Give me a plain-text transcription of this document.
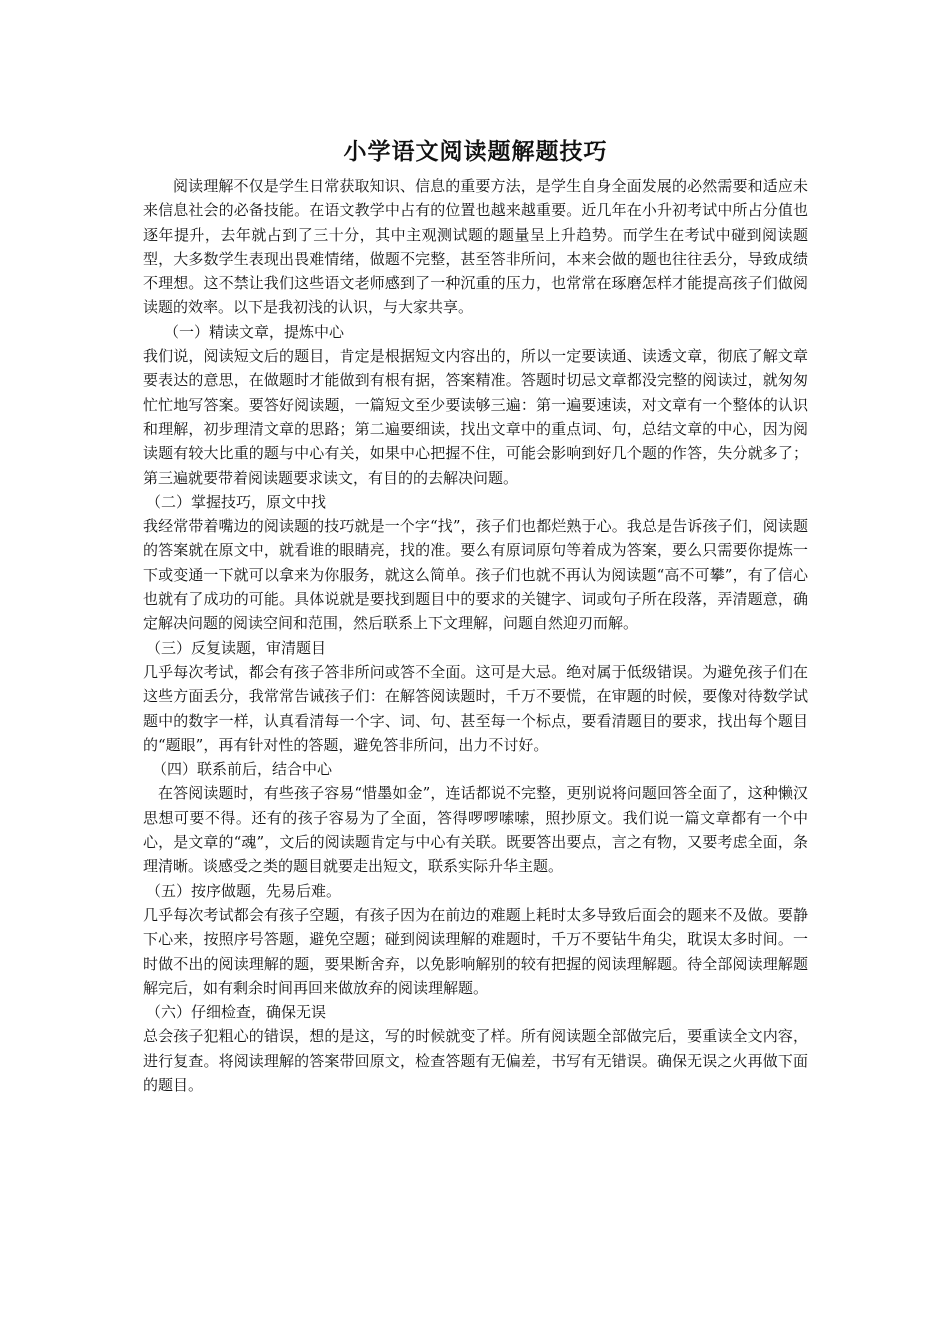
小学语文阅读题解题技巧

阅读理解不仅是学生日常获取知识、信息的重要方法，是学生自身全面发展的必然需要和适应未来信息社会的必备技能。在语文教学中占有的位置也越来越重要。近几年在小升初考试中所占分值也逐年提升，去年就占到了三十分，其中主观测试题的题量呈上升趋势。而学生在考试中碰到阅读题型，大多数学生表现出畏难情绪，做题不完整，甚至答非所问，本来会做的题也往往丢分，导致成绩不理想。这不禁让我们这些语文老师感到了一种沉重的压力，也常常在琢磨怎样才能提高孩子们做阅读题的效率。以下是我初浅的认识，与大家共享。

（一）精读文章，提炼中心

我们说，阅读短文后的题目，肯定是根据短文内容出的，所以一定要读通、读透文章，彻底了解文章要表达的意思，在做题时才能做到有根有据，答案精准。答题时切忌文章都没完整的阅读过，就匆匆忙忙地写答案。要答好阅读题，一篇短文至少要读够三遍：第一遍要速读，对文章有一个整体的认识和理解，初步理清文章的思路；第二遍要细读，找出文章中的重点词、句，总结文章的中心，因为阅读题有较大比重的题与中心有关，如果中心把握不住，可能会影响到好几个题的作答，失分就多了；第三遍就要带着阅读题要求读文，有目的的去解决问题。

（二）掌握技巧，原文中找

我经常带着嘴边的阅读题的技巧就是一个字“找”，孩子们也都烂熟于心。我总是告诉孩子们，阅读题的答案就在原文中，就看谁的眼睛亮，找的准。要么有原词原句等着成为答案，要么只需要你提炼一下或变通一下就可以拿来为你服务，就这么简单。孩子们也就不再认为阅读题“高不可攀”，有了信心也就有了成功的可能。具体说就是要找到题目中的要求的关键字、词或句子所在段落，弄清题意，确定解决问题的阅读空间和范围，然后联系上下文理解，问题自然迎刃而解。

（三）反复读题，审清题目

几乎每次考试，都会有孩子答非所问或答不全面。这可是大忌。绝对属于低级错误。为避免孩子们在这些方面丢分，我常常告诫孩子们：在解答阅读题时，千万不要慌，在审题的时候，要像对待数学试题中的数字一样，认真看清每一个字、词、句、甚至每一个标点，要看清题目的要求，找出每个题目的“题眼”，再有针对性的答题，避免答非所问，出力不讨好。

（四）联系前后，结合中心

在答阅读题时，有些孩子容易“惜墨如金”，连话都说不完整，更别说将问题回答全面了，这种懒汉思想可要不得。还有的孩子容易为了全面，答得啰啰嗦嗦，照抄原文。我们说一篇文章都有一个中心，是文章的“魂”，文后的阅读题肯定与中心有关联。既要答出要点，言之有物，又要考虑全面，条理清晰。谈感受之类的题目就要走出短文，联系实际升华主题。

（五）按序做题，先易后难。

几乎每次考试都会有孩子空题，有孩子因为在前边的难题上耗时太多导致后面会的题来不及做。要静下心来，按照序号答题，避免空题；碰到阅读理解的难题时，千万不要钻牛角尖，耽误太多时间。一时做不出的阅读理解的题，要果断舍弃，以免影响解别的较有把握的阅读理解题。待全部阅读理解题解完后，如有剩余时间再回来做放弃的阅读理解题。

（六）仔细检查，确保无误

总会孩子犯粗心的错误，想的是这，写的时候就变了样。所有阅读题全部做完后，要重读全文内容，进行复查。将阅读理解的答案带回原文，检查答题有无偏差，书写有无错误。确保无误之火再做下面的题目。
